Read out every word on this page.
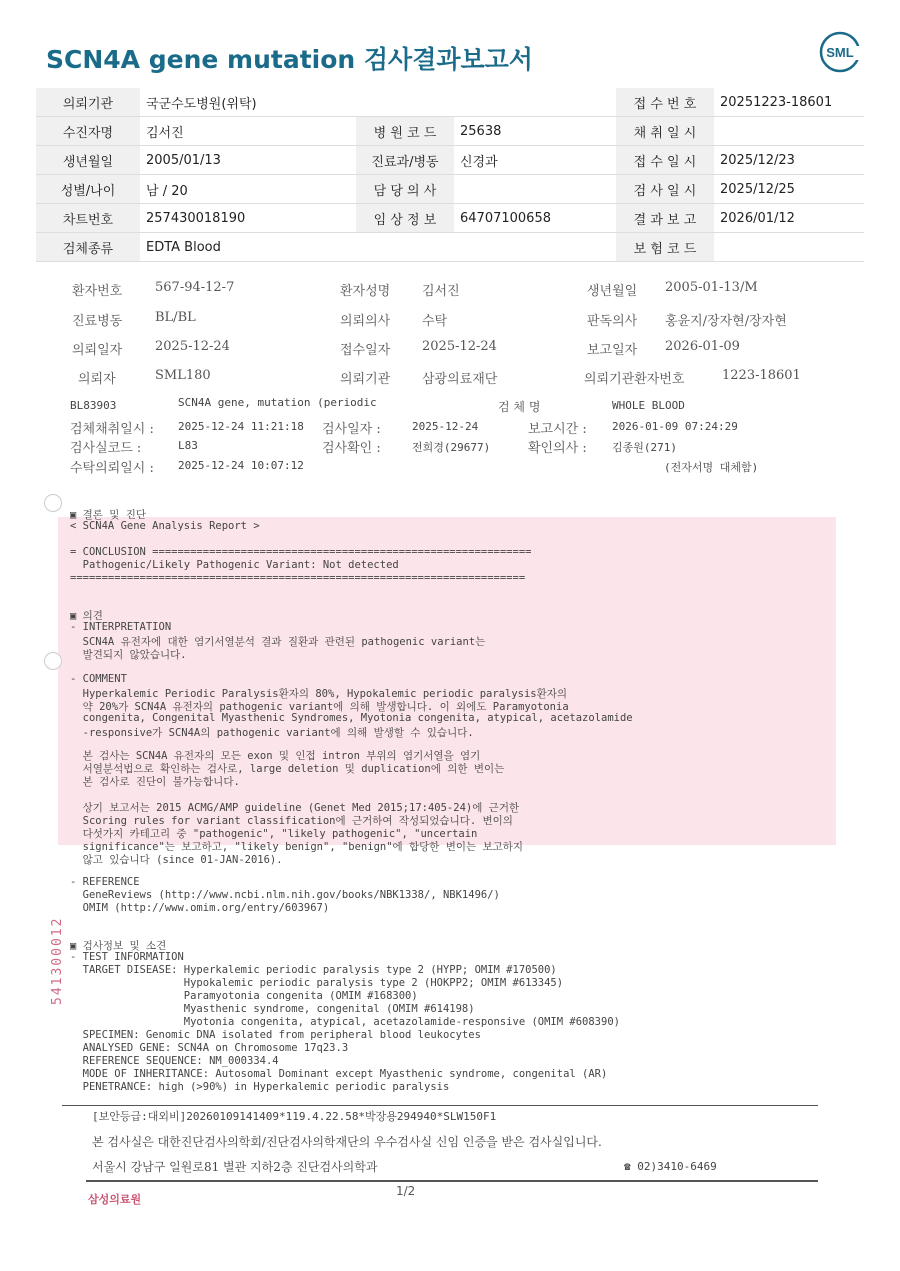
SCN4A gene mutation 검사결과보고서	SML
의뢰기관	국군수도병원(위탁)			접 수 번 호	20251223-18601
수진자명	김서진	병 원 코 드	25638	채 취 일 시	
생년월일	2005/01/13	진료과/병동	신경과	접 수 일 시	2025/12/23
성별/나이	남 / 20	담 당 의 사		검 사 일 시	2025/12/25
차트번호	257430018190	임 상 정 보	64707100658	결 과 보 고	2026/01/12
검체종류	EDTA Blood			보 험 코 드	
환자번호	567-94-12-7	환자성명 김서진	생년월일 2005-01-13/M
진료병동	BL/BL	의뢰의사 수탁	판독의사 홍윤지/장자현/장자현
의뢰일자	2025-12-24	접수일자 2025-12-24	보고일자 2026-01-09
의뢰자	SML180	의뢰기관 삼광의료재단	의뢰기관환자번호	1223-18601
BL83903	SCN4A gene, mutation (periodic	검 체 명	WHOLE BLOOD
검체채취일시 : 2025-12-24 11:21:18 검사일자 :	2025-12-24	보고시간 : 2026-01-09 07:24:29
검사실코드 :	L83	검사확인 :	전희경(29677)	확인의사 : 김종원(271)
수탁의뢰일시 : 2025-12-24 10:07:12	(전자서명 대체함)
541300012
▣ 결론 및 진단
< SCN4A Gene Analysis Report >
= CONCLUSION ============================================================
Pathogenic/Likely Pathogenic Variant: Not detected
========================================================================
▣ 의견
- INTERPRETATION
SCN4A 유전자에 대한 염기서열분석 결과 질환과 관련된 pathogenic variant는
발견되지 않았습니다.
- COMMENT
Hyperkalemic Periodic Paralysis환자의 80%, Hypokalemic periodic paralysis환자의
약 20%가 SCN4A 유전자의 pathogenic variant에 의해 발생합니다. 이 외에도 Paramyotonia
congenita, Congenital Myasthenic Syndromes, Myotonia congenita, atypical, acetazolamide
-responsive가 SCN4A의 pathogenic variant에 의해 발생할 수 있습니다.
본 검사는 SCN4A 유전자의 모든 exon 및 인접 intron 부위의 염기서열을 염기
서열분석법으로 확인하는 검사로, large deletion 및 duplication에 의한 변이는
본 검사로 진단이 불가능합니다.
상기 보고서는 2015 ACMG/AMP guideline (Genet Med 2015;17:405-24)에 근거한
Scoring rules for variant classification에 근거하여 작성되었습니다. 변이의
다섯가지 카테고리 중 "pathogenic", "likely pathogenic", "uncertain
significance"는 보고하고, "likely benign", "benign"에 합당한 변이는 보고하지
않고 있습니다 (since 01-JAN-2016).
- REFERENCE
GeneReviews (http://www.ncbi.nlm.nih.gov/books/NBK1338/, NBK1496/)
OMIM (http://www.omim.org/entry/603967)
▣ 검사정보 및 소견
- TEST INFORMATION
TARGET DISEASE: Hyperkalemic periodic paralysis type 2 (HYPP; OMIM #170500)
Hypokalemic periodic paralysis type 2 (HOKPP2; OMIM #613345)
Paramyotonia congenita (OMIM #168300)
Myasthenic syndrome, congenital (OMIM #614198)
Myotonia congenita, atypical, acetazolamide-responsive (OMIM #608390)
SPECIMEN: Genomic DNA isolated from peripheral blood leukocytes
ANALYSED GENE: SCN4A on Chromosome 17q23.3
REFERENCE SEQUENCE: NM_000334.4
MODE OF INHERITANCE: Autosomal Dominant except Myasthenic syndrome, congenital (AR)
PENETRANCE: high (>90%) in Hyperkalemic periodic paralysis
[보안등급:대외비]20260109141409*119.4.22.58*박장용294940*SLW150F1
본 검사실은 대한진단검사의학회/진단검사의학재단의 우수검사실 신임 인증을 받은 검사실입니다.
서울시 강남구 일원로81 별관 지하2층 진단검사의학과	☎ 02)3410-6469
삼성의료원
1/2
